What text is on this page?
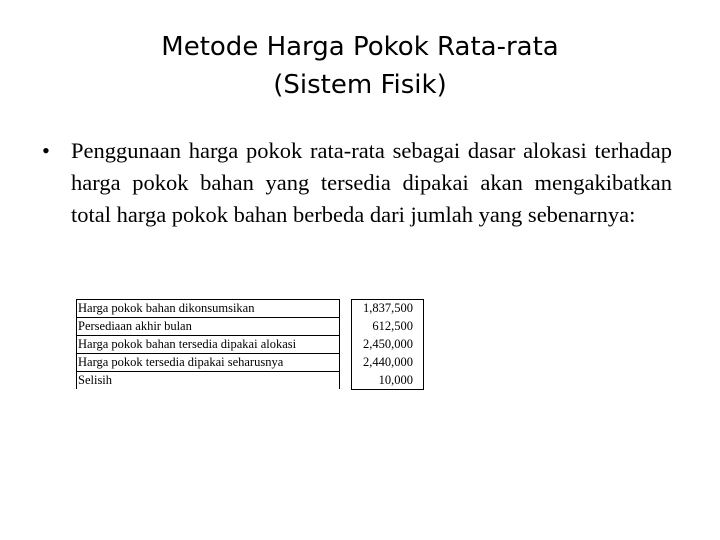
Metode Harga Pokok Rata-rata
(Sistem Fisik)
• Penggunaan harga pokok rata-rata sebagai dasar alokasi terhadap harga pokok bahan yang tersedia dipakai akan mengakibatkan total harga pokok bahan berbeda dari jumlah yang sebenarnya:
Harga pokok bahan dikonsumsikan		1,837,500
Persediaan akhir bulan		612,500
Harga pokok bahan tersedia dipakai alokasi		2,450,000
Harga pokok tersedia dipakai seharusnya		2,440,000
Selisih		10,000
